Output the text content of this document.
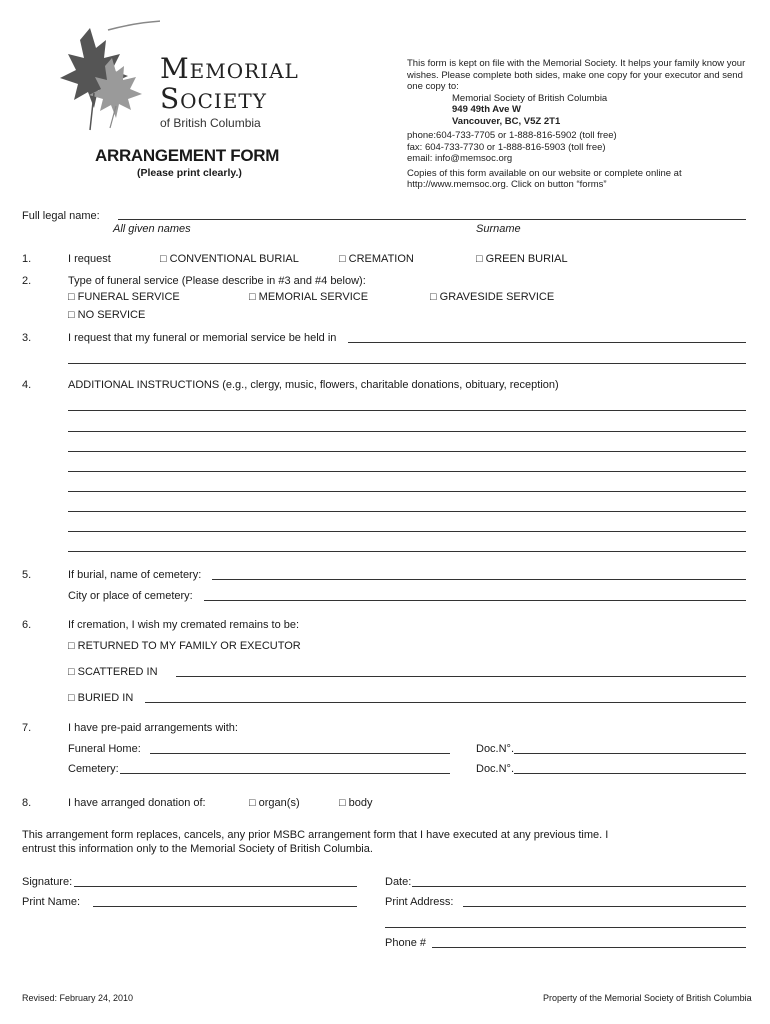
Memorial
Society
of British Columbia
This form is kept on file with the Memorial Society. It helps your family know your wishes. Please complete both sides, make one copy for your executor and send one copy to:
Memorial Society of British Columbia
949 49th Ave W
Vancouver, BC, V5Z 2T1
phone:604-733-7705 or 1-888-816-5902 (toll free)
fax: 604-733-7730 or 1-888-816-5903 (toll free)
email: info@memsoc.org
Copies of this form available on our website or complete online at http://www.memsoc.org. Click on button “forms”
ARRANGEMENT FORM
(Please print clearly.)
Full legal name:
All given names	Surname
1.	I request	□ CONVENTIONAL BURIAL	□ CREMATION	□ GREEN BURIAL
2.	Type of funeral service (Please describe in #3 and #4 below):
□ FUNERAL SERVICE	□ MEMORIAL SERVICE	□ GRAVESIDE SERVICE
□ NO SERVICE
3.	I request that my funeral or memorial service be held in
4.	ADDITIONAL INSTRUCTIONS (e.g., clergy, music, flowers, charitable donations, obituary, reception)
5.	If burial, name of cemetery:
City or place of cemetery:
6.	If cremation, I wish my cremated remains to be:
□ RETURNED TO MY FAMILY OR EXECUTOR
□ SCATTERED IN
□ BURIED IN
7.	I have pre-paid arrangements with:
Funeral Home:	Doc.N°.
Cemetery:	Doc.N°.
8.	I have arranged donation of:	□ organ(s)	□ body
This arrangement form replaces, cancels, any prior MSBC arrangement form that I have executed at any previous time. I entrust this information only to the Memorial Society of British Columbia.
Signature:	Date:
Print Name:	Print Address:
Phone #
Revised: February 24, 2010	Property of the Memorial Society of British Columbia
